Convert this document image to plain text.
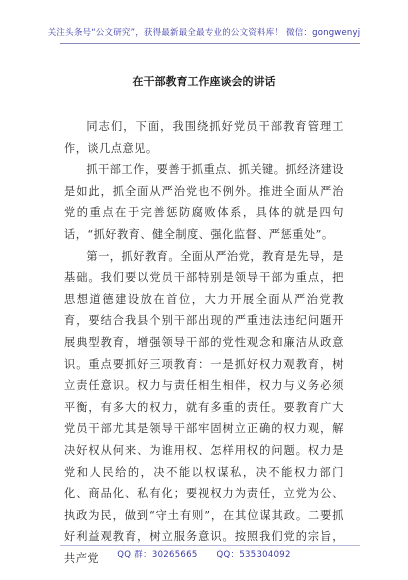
关注头条号“公文研究”，获得最新最全最专业的公文资料库！ 微信：gongwenyj
在干部教育工作座谈会的讲话

同志们，下面，我围绕抓好党员干部教育管理工作，谈几点意见。

抓干部工作，要善于抓重点、抓关键。抓经济建设是如此，抓全面从严治党也不例外。推进全面从严治党的重点在于完善惩防腐败体系，具体的就是四句话，“抓好教育、健全制度、强化监督、严惩重处”。

第一，抓好教育。全面从严治党，教育是先导，是基础。我们要以党员干部特别是领导干部为重点，把思想道德建设放在首位，大力开展全面从严治党教育，要结合我县个别干部出现的严重违法违纪问题开展典型教育，增强领导干部的党性观念和廉洁从政意识。重点要抓好三项教育：一是抓好权力观教育，树立责任意识。权力与责任相生相伴，权力与义务必须平衡，有多大的权力，就有多重的责任。要教育广大党员干部尤其是领导干部牢固树立正确的权力观，解决好权从何来、为谁用权、怎样用权的问题。权力是党和人民给的，决不能以权谋私，决不能权力部门化、商品化、私有化；要视权力为责任，立党为公、执政为民，做到“守土有则”，在其位谋其政。二要抓好利益观教育，树立服务意识。按照我们党的宗旨，共产党	QQ 群：30265665 QQ：535304092
